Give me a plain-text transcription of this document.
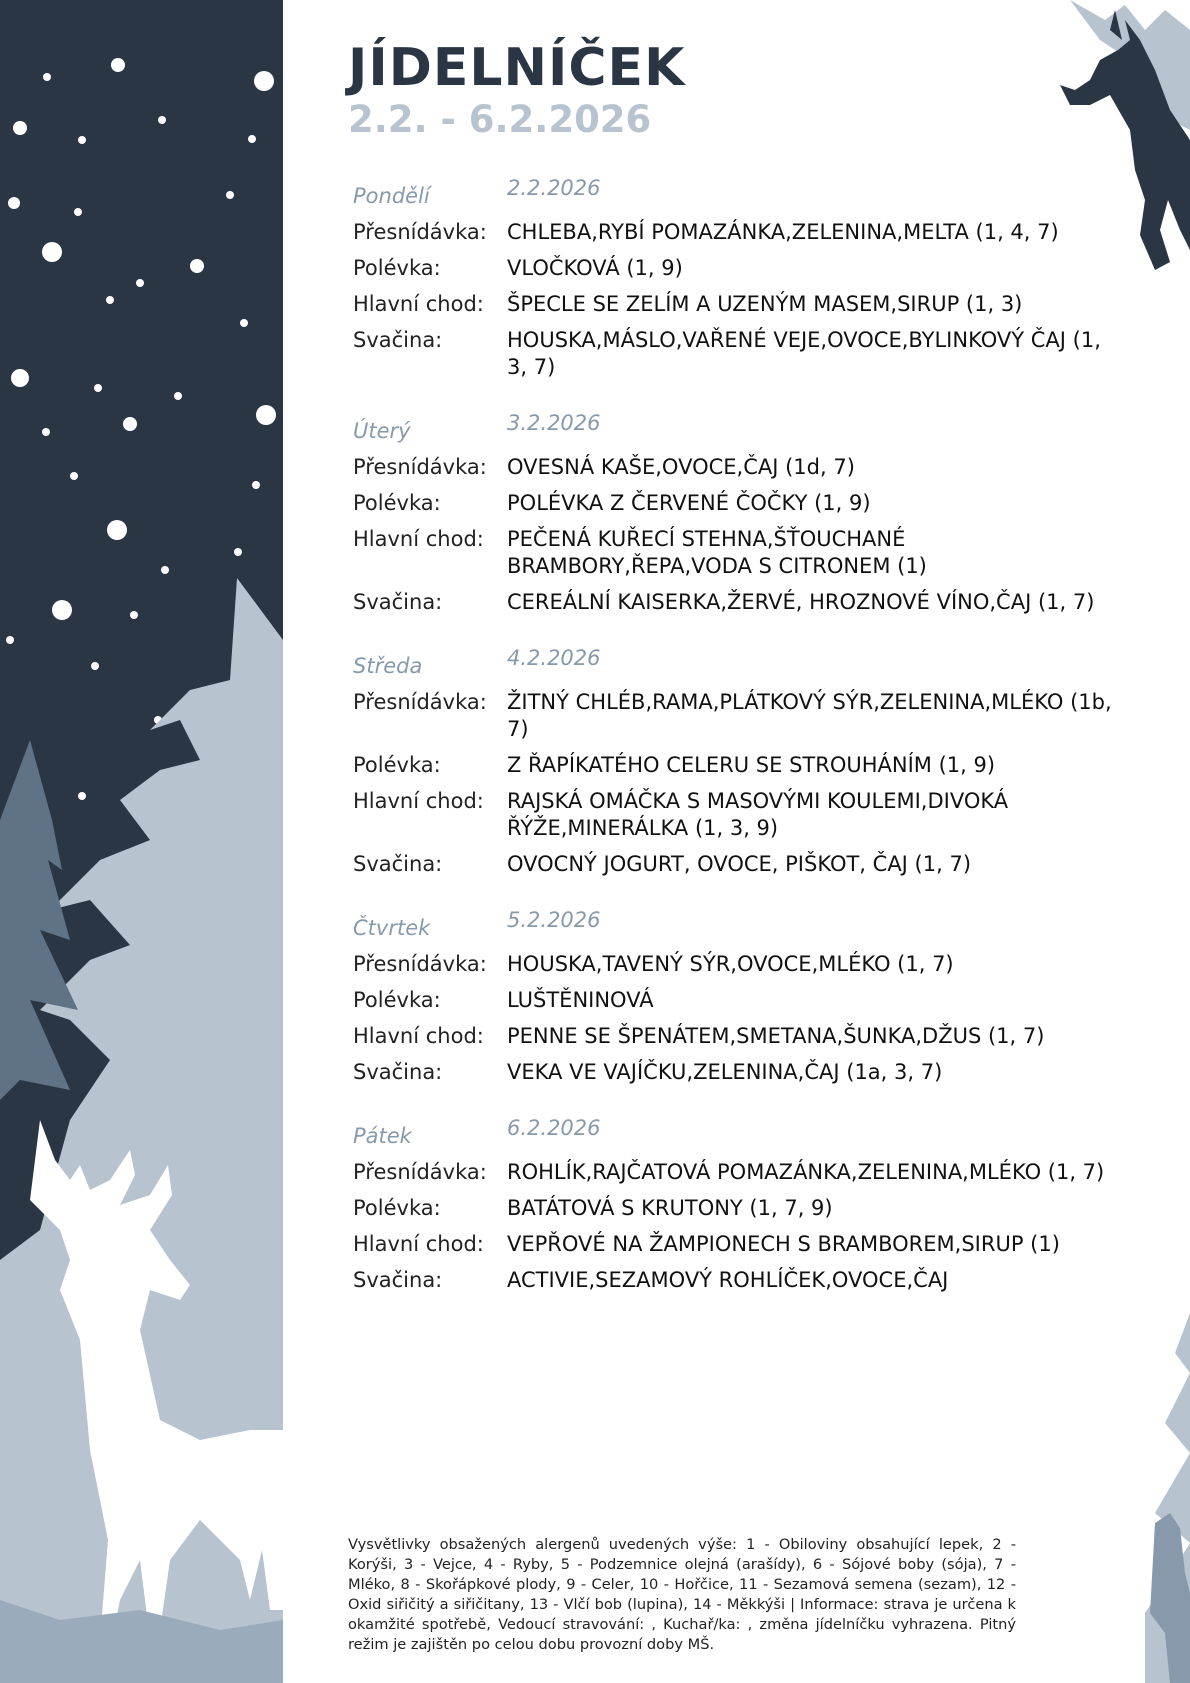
JÍDELNÍČEK
2.2. - 6.2.2026
Pondělí	2.2.2026
Přesnídávka: CHLEBA,RYBÍ POMAZÁNKA,ZELENINA,MELTA (1, 4, 7)
Polévka:	VLOČKOVÁ (1, 9)
Hlavní chod:	ŠPECLE SE ZELÍM A UZENÝM MASEM,SIRUP (1, 3)
Svačina:	HOUSKA,MÁSLO,VAŘENÉ VEJE,OVOCE,BYLINKOVÝ ČAJ (1, 3, 7)
Úterý	3.2.2026
Přesnídávka: OVESNÁ KAŠE,OVOCE,ČAJ (1d, 7)
Polévka:	POLÉVKA Z ČERVENÉ ČOČKY (1, 9)
Hlavní chod:	PEČENÁ KUŘECÍ STEHNA,ŠŤOUCHANÉ BRAMBORY,ŘEPA,VODA S CITRONEM (1)
Svačina:	CEREÁLNÍ KAISERKA,ŽERVÉ, HROZNOVÉ VÍNO,ČAJ (1, 7)
Středa	4.2.2026
Přesnídávka: ŽITNÝ CHLÉB,RAMA,PLÁTKOVÝ SÝR,ZELENINA,MLÉKO (1b, 7)
Polévka:	Z ŘAPÍKATÉHO CELERU SE STROUHÁNÍM (1, 9)
Hlavní chod:	RAJSKÁ OMÁČKA S MASOVÝMI KOULEMI,DIVOKÁ ŘÝŽE,MINERÁLKA (1, 3, 9)
Svačina:	OVOCNÝ JOGURT, OVOCE, PIŠKOT, ČAJ (1, 7)
Čtvrtek	5.2.2026
Přesnídávka: HOUSKA,TAVENÝ SÝR,OVOCE,MLÉKO (1, 7)
Polévka:	LUŠTĚNINOVÁ
Hlavní chod:	PENNE SE ŠPENÁTEM,SMETANA,ŠUNKA,DŽUS (1, 7)
Svačina:	VEKA VE VAJÍČKU,ZELENINA,ČAJ (1a, 3, 7)
Pátek	6.2.2026
Přesnídávka: ROHLÍK,RAJČATOVÁ POMAZÁNKA,ZELENINA,MLÉKO (1, 7)
Polévka:	BATÁTOVÁ S KRUTONY (1, 7, 9)
Hlavní chod:	VEPŘOVÉ NA ŽAMPIONECH S BRAMBOREM,SIRUP (1)
Svačina:	ACTIVIE,SEZAMOVÝ ROHLÍČEK,OVOCE,ČAJ
Vysvětlivky obsažených alergenů uvedených výše: 1 - Obiloviny obsahující lepek, 2 - Korýši, 3 - Vejce, 4 - Ryby, 5 - Podzemnice olejná (arašídy), 6 - Sójové boby (sója), 7 - Mléko, 8 - Skořápkové plody, 9 - Celer, 10 - Hořčice, 11 - Sezamová semena (sezam), 12 - Oxid siřičitý a siřičitany, 13 - Vlčí bob (lupina), 14 - Měkkýši | Informace: strava je určena k okamžité spotřebě, Vedoucí stravování: , Kuchař/ka: , změna jídelníčku vyhrazena. Pitný režim je zajištěn po celou dobu provozní doby MŠ.
